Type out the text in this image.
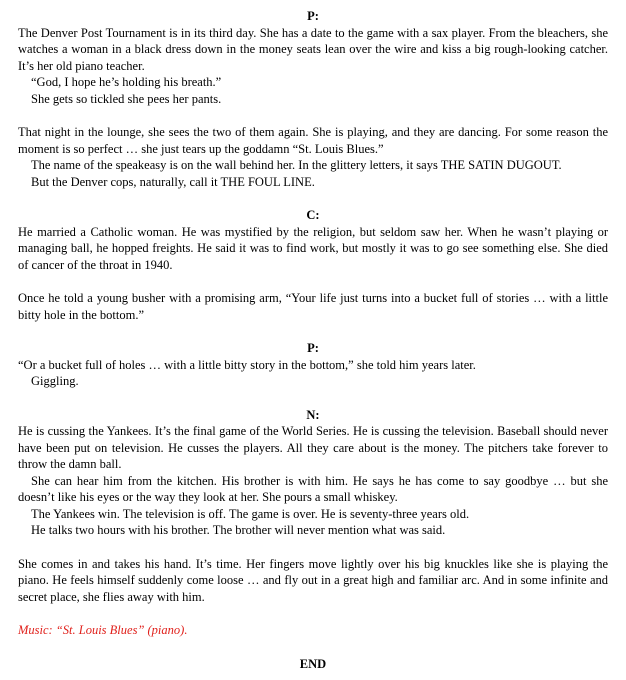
P:

The Denver Post Tournament is in its third day. She has a date to the game with a sax player. From the bleachers, she watches a woman in a black dress down in the money seats lean over the wire and kiss a big rough-looking catcher. It’s her old piano teacher.

“God, I hope he’s holding his breath.”

She gets so tickled she pees her pants.

That night in the lounge, she sees the two of them again. She is playing, and they are dancing. For some reason the moment is so perfect … she just tears up the goddamn “St. Louis Blues.”

The name of the speakeasy is on the wall behind her. In the glittery letters, it says THE SATIN DUGOUT.

But the Denver cops, naturally, call it THE FOUL LINE.

C:

He married a Catholic woman. He was mystified by the religion, but seldom saw her. When he wasn’t playing or managing ball, he hopped freights. He said it was to find work, but mostly it was to go see something else. She died of cancer of the throat in 1940.

Once he told a young busher with a promising arm, “Your life just turns into a bucket full of stories … with a little bitty hole in the bottom.”

P:

“Or a bucket full of holes … with a little bitty story in the bottom,” she told him years later.

Giggling.

N:

He is cussing the Yankees. It’s the final game of the World Series. He is cussing the television. Baseball should never have been put on television. He cusses the players. All they care about is the money. The pitchers take forever to throw the damn ball.

She can hear him from the kitchen. His brother is with him. He says he has come to say goodbye … but she doesn’t like his eyes or the way they look at her. She pours a small whiskey.

The Yankees win. The television is off. The game is over. He is seventy-three years old.

He talks two hours with his brother. The brother will never mention what was said.

She comes in and takes his hand. It’s time. Her fingers move lightly over his big knuckles like she is playing the piano. He feels himself suddenly come loose … and fly out in a great high and familiar arc. And in some infinite and secret place, she flies away with him.

Music: “St. Louis Blues” (piano).

END
